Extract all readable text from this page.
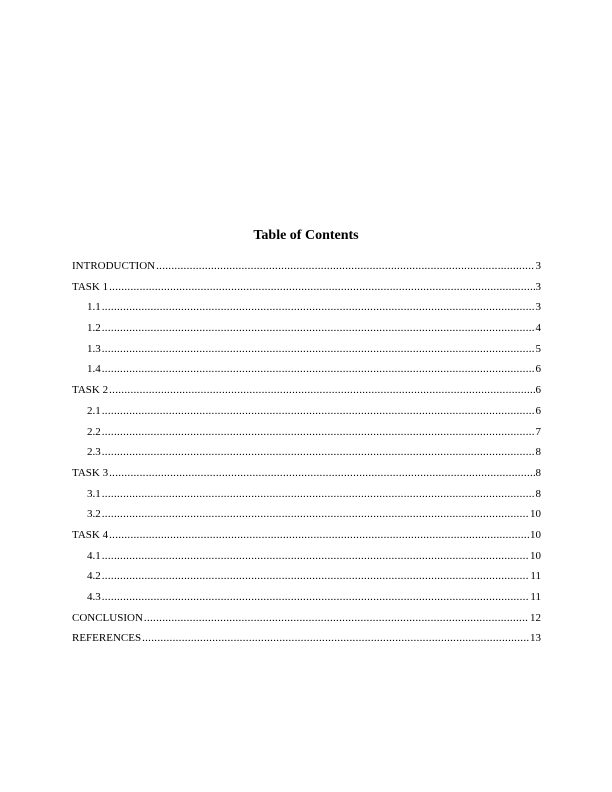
Table of Contents
INTRODUCTION .....	3
TASK 1 .....	3
1.1 .....	3
1.2 .....	4
1.3 .....	5
1.4 .....	6
TASK 2 .....	6
2.1 .....	6
2.2 .....	7
2.3 .....	8
TASK 3 .....	8
3.1 .....	8
3.2 .....	10
TASK 4 .....	10
4.1 .....	10
4.2 .....	11
4.3 .....	11
CONCLUSION .....	12
REFERENCES .....	13
